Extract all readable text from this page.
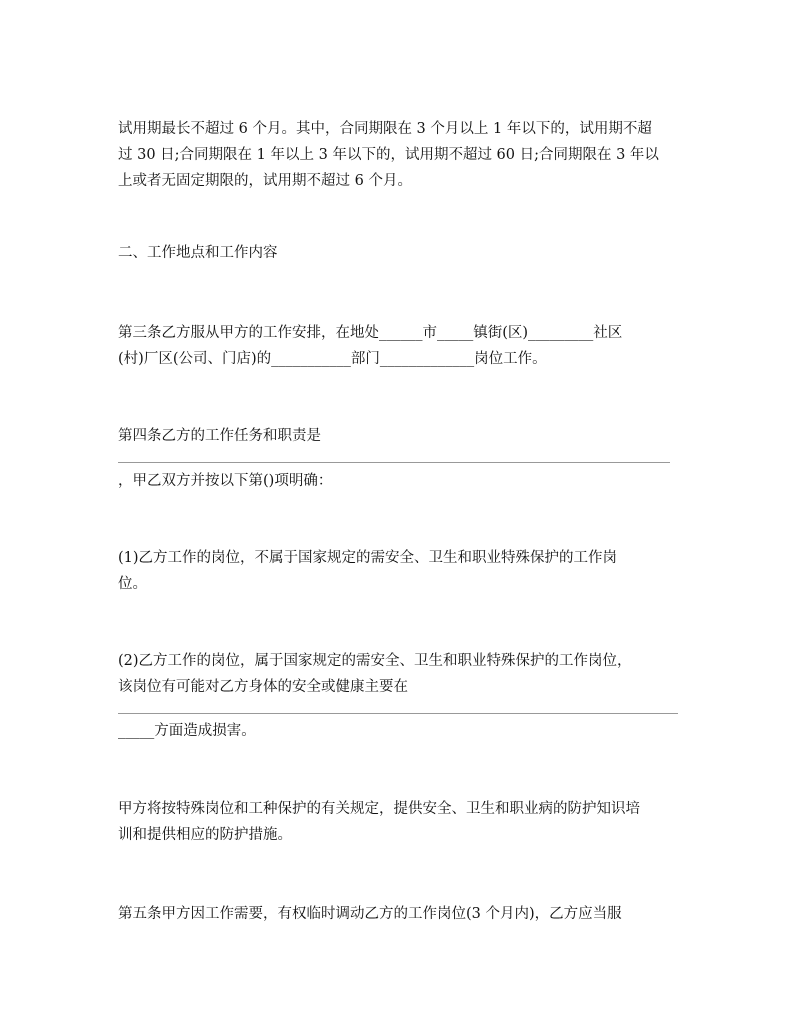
试用期最长不超过 6 个月。其中，合同期限在 3 个月以上 1 年以下的，试用期不超
过 30 日;合同期限在 1 年以上 3 年以下的，试用期不超过 60 日;合同期限在 3 年以
上或者无固定期限的，试用期不超过 6 个月。
二、工作地点和工作内容
第三条乙方服从甲方的工作安排，在地处______市_____镇街(区)_________社区
(村)厂区(公司、门店)的___________部门_____________岗位工作。
第四条乙方的工作任务和职责是
，甲乙双方并按以下第()项明确：
(1)乙方工作的岗位，不属于国家规定的需安全、卫生和职业特殊保护的工作岗
位。
(2)乙方工作的岗位，属于国家规定的需安全、卫生和职业特殊保护的工作岗位，
该岗位有可能对乙方身体的安全或健康主要在
_____方面造成损害。
甲方将按特殊岗位和工种保护的有关规定，提供安全、卫生和职业病的防护知识培
训和提供相应的防护措施。
第五条甲方因工作需要，有权临时调动乙方的工作岗位(3 个月内)，乙方应当服
